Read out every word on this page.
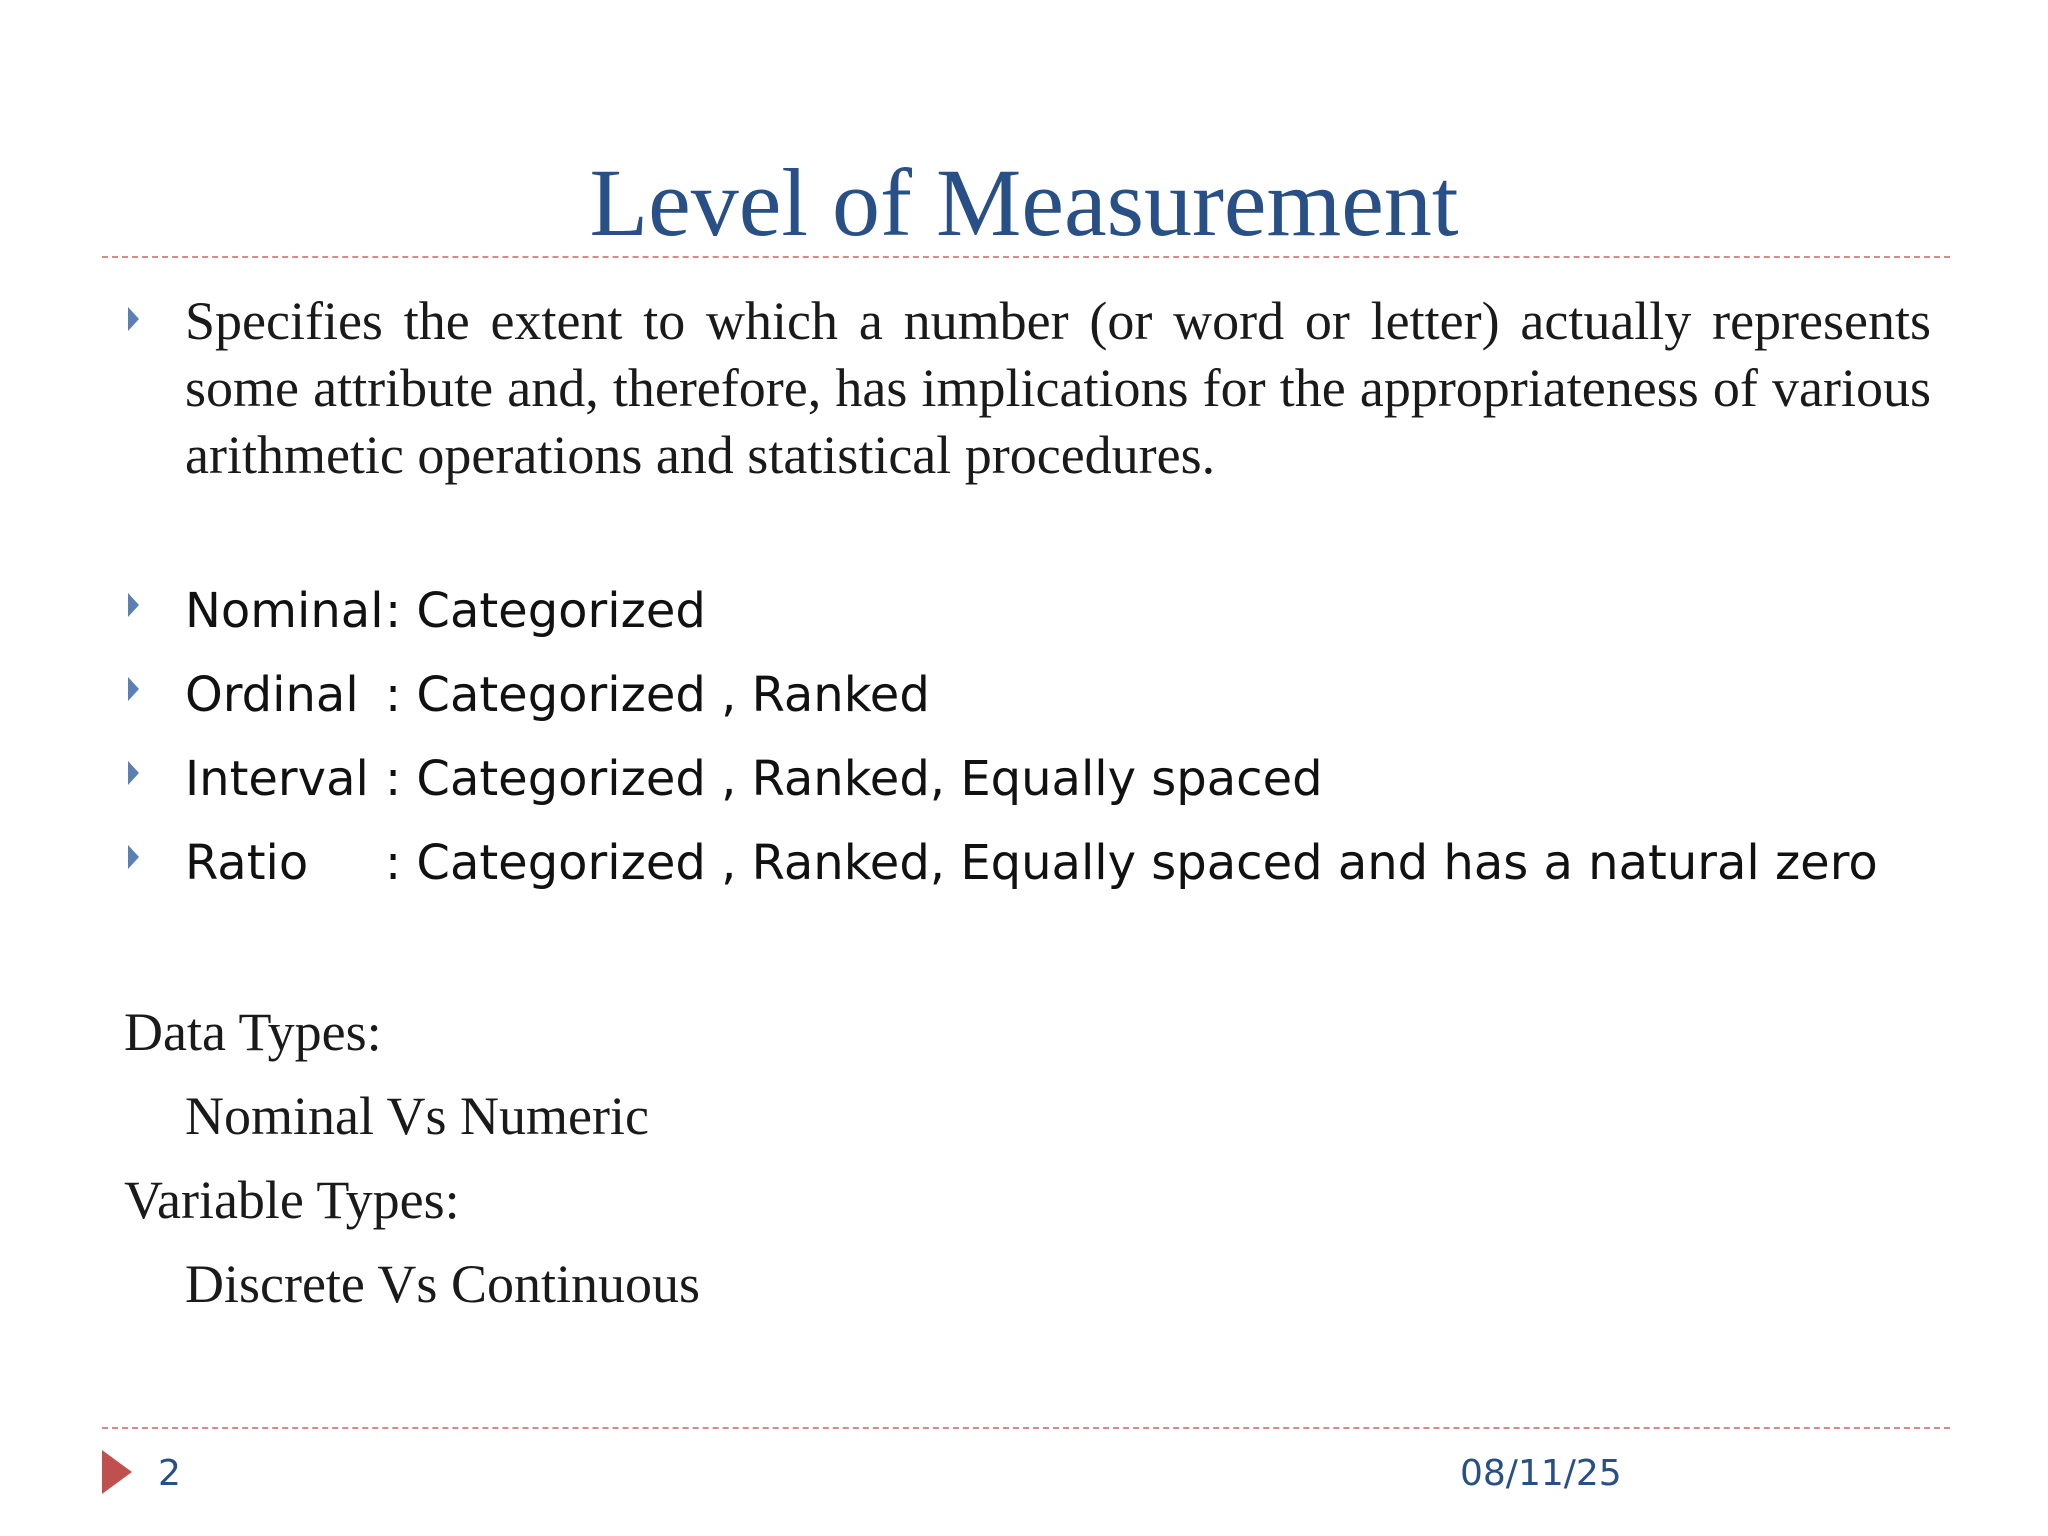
Level of Measurement
Specifies the extent to which a number (or word or letter) actually represents some attribute and, therefore, has implications for the appropriateness of various arithmetic operations and statistical procedures.
Nominal: Categorized
Ordinal : Categorized , Ranked
Interval : Categorized , Ranked, Equally spaced
Ratio : Categorized , Ranked, Equally spaced and has a natural zero
Data Types:
Nominal Vs Numeric
Variable Types:
Discrete Vs Continuous
2	08/11/25
